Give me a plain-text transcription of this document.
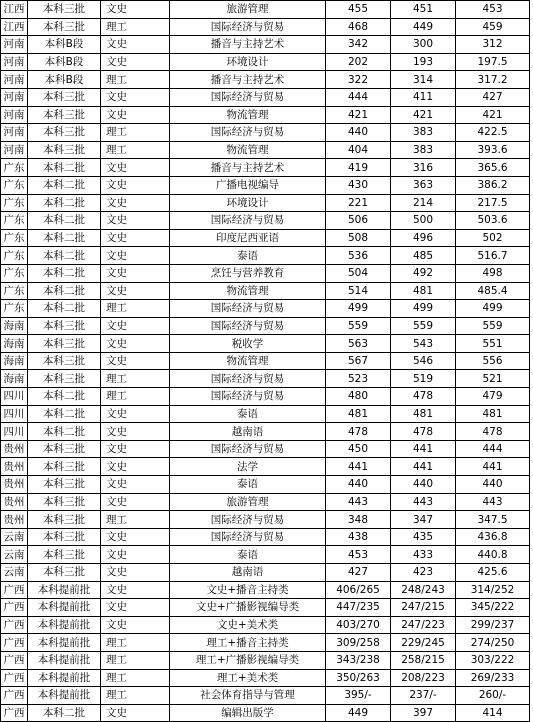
江西	本科三批	文史	旅游管理	455	451	453
江西	本科三批	理工	国际经济与贸易	468	449	459
河南	本科B段	文史	播音与主持艺术	342	300	312
河南	本科B段	文史	环境设计	202	193	197.5
河南	本科B段	理工	播音与主持艺术	322	314	317.2
河南	本科三批	文史	国际经济与贸易	444	411	427
河南	本科三批	文史	物流管理	421	421	421
河南	本科三批	理工	国际经济与贸易	440	383	422.5
河南	本科三批	理工	物流管理	404	383	393.6
广东	本科二批	文史	播音与主持艺术	419	316	365.6
广东	本科二批	文史	广播电视编导	430	363	386.2
广东	本科二批	文史	环境设计	221	214	217.5
广东	本科二批	文史	国际经济与贸易	506	500	503.6
广东	本科二批	文史	印度尼西亚语	508	496	502
广东	本科二批	文史	泰语	536	485	516.7
广东	本科二批	文史	烹饪与营养教育	504	492	498
广东	本科二批	文史	物流管理	514	481	485.4
广东	本科二批	理工	国际经济与贸易	499	499	499
海南	本科三批	文史	国际经济与贸易	559	559	559
海南	本科三批	文史	税收学	563	543	551
海南	本科三批	文史	物流管理	567	546	556
海南	本科三批	理工	国际经济与贸易	523	519	521
四川	本科二批	理工	国际经济与贸易	480	478	479
四川	本科二批	文史	泰语	481	481	481
四川	本科二批	文史	越南语	478	478	478
贵州	本科三批	文史	国际经济与贸易	450	441	444
贵州	本科三批	文史	法学	441	441	441
贵州	本科三批	文史	泰语	440	440	440
贵州	本科三批	文史	旅游管理	443	443	443
贵州	本科三批	理工	国际经济与贸易	348	347	347.5
云南	本科三批	文史	国际经济与贸易	438	435	436.8
云南	本科三批	文史	泰语	453	433	440.8
云南	本科三批	文史	越南语	427	423	425.6
广西	本科提前批	文史	文史+播音主持类	406/265	248/243	314/252
广西	本科提前批	文史	文史+广播影视编导类	447/235	247/215	345/222
广西	本科提前批	文史	文史+美术类	403/270	247/223	299/237
广西	本科提前批	理工	理工+播音主持类	309/258	229/245	274/250
广西	本科提前批	理工	理工+广播影视编导类	343/238	258/215	303/222
广西	本科提前批	理工	理工+美术类	350/263	208/223	269/233
广西	本科提前批	理工	社会体育指导与管理	395/-	237/-	260/-
广西	本科二批	文史	编辑出版学	449	397	414
